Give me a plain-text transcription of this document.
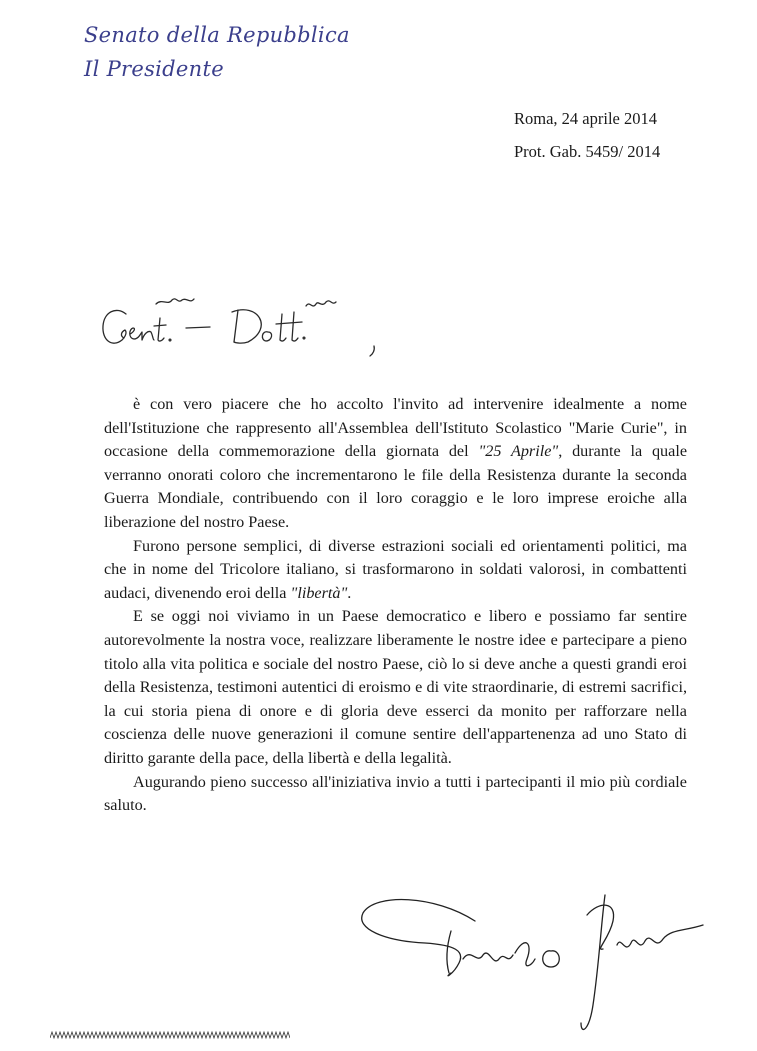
Senato della Repubblica
Il Presidente
Roma, 24 aprile 2014
Prot. Gab. 5459/ 2014

è con vero piacere che ho accolto l'invito ad intervenire idealmente a nome dell'Istituzione che rappresento all'Assemblea dell'Istituto Scolastico "Marie Curie", in occasione della commemorazione della giornata del "25 Aprile", durante la quale verranno onorati coloro che incrementarono le file della Resistenza durante la seconda Guerra Mondiale, contribuendo con il loro coraggio e le loro imprese eroiche alla liberazione del nostro Paese.

Furono persone semplici, di diverse estrazioni sociali ed orientamenti politici, ma che in nome del Tricolore italiano, si trasformarono in soldati valorosi, in combattenti audaci, divenendo eroi della "libertà".

E se oggi noi viviamo in un Paese democratico e libero e possiamo far sentire autorevolmente la nostra voce, realizzare liberamente le nostre idee e partecipare a pieno titolo alla vita politica e sociale del nostro Paese, ciò lo si deve anche a questi grandi eroi della Resistenza, testimoni autentici di eroismo e di vite straordinarie, di estremi sacrifici, la cui storia piena di onore e di gloria deve esserci da monito per rafforzare nella coscienza delle nuove generazioni il comune sentire dell'appartenenza ad uno Stato di diritto garante della pace, della libertà e della legalità.

Augurando pieno successo all'iniziativa invio a tutti i partecipanti il mio più cordiale saluto.
